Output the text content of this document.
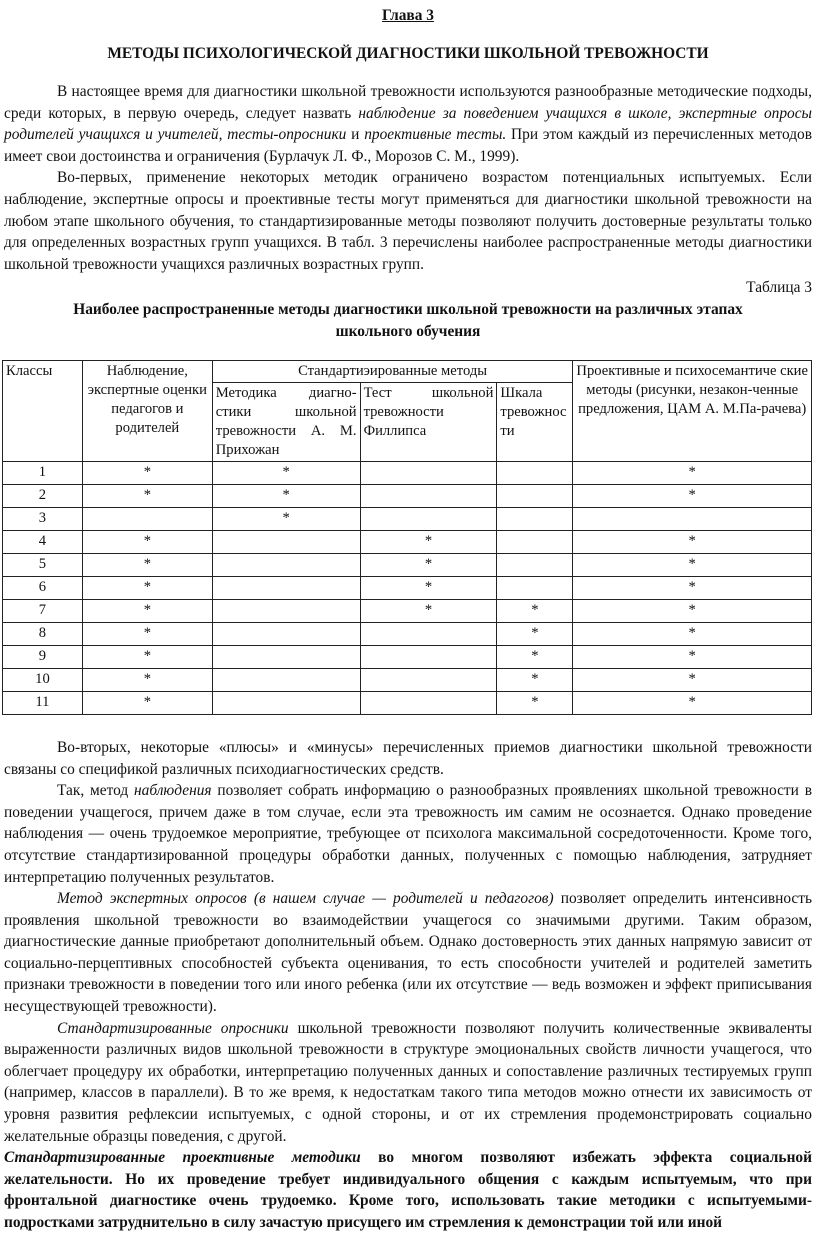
Глава 3
МЕТОДЫ ПСИХОЛОГИЧЕСКОЙ ДИАГНОСТИКИ ШКОЛЬНОЙ ТРЕВОЖНОСТИ

В настоящее время для диагностики школьной тревожности используются разнообразные методические подходы, среди которых, в первую очередь, следует назвать наблюдение за поведением учащихся в школе, экспертные опросы родителей учащихся и учителей, тесты-опросники и проективные тесты. При этом каждый из перечисленных методов имеет свои достоинства и ограничения (Бурлачук Л. Ф., Морозов С. М., 1999).

Во-первых, применение некоторых методик ограничено возрастом потенциальных испытуемых. Если наблюдение, экспертные опросы и проективные тесты могут применяться для диагностики школьной тревожности на любом этапе школьного обучения, то стандартизированные методы позволяют получить достоверные результаты только для определенных возрастных групп учащихся. В табл. 3 перечислены наиболее распространенные методы диагностики школьной тревожности учащихся различных возрастных групп.

Таблица 3
Наиболее распространенные методы диагностики школьной тревожности на различных этапах школьного обучения
Классы	Наблюдение, экспертные оценки педагогов и родителей	Стандартиэированные методы			Проективные и психосемантиче ские методы (рисунки, незакон-ченные предложения, ЦАМ А. М.Па-рачева)
		Методика диагно-стики школьной тревожности А. М. Прихожан	Тест школьной тревожности Филлипса	Шкала тревожнос ти	
1	*	*			*
2	*	*			*
3		*			
4	*		*		*
5	*		*		*
6	*		*		*
7	*		*	*	*
8	*			*	*
9	*			*	*
10	*			*	*
11	*			*	*

Во-вторых, некоторые «плюсы» и «минусы» перечисленных приемов диагностики школьной тревожности связаны со спецификой различных психодиагностических средств.

Так, метод наблюдения позволяет собрать информацию о разнообразных проявлениях школьной тревожности в поведении учащегося, причем даже в том случае, если эта тревожность им самим не осознается. Однако проведение наблюдения — очень трудоемкое мероприятие, требующее от психолога максимальной сосредоточенности. Кроме того, отсутствие стандартизированной процедуры обработки данных, полученных с помощью наблюдения, затрудняет интерпретацию полученных результатов.

Метод экспертных опросов (в нашем случае — родителей и педагогов) позволяет определить интенсивность проявления школьной тревожности во взаимодействии учащегося со значимыми другими. Таким образом, диагностические данные приобретают дополнительный объем. Однако достоверность этих данных напрямую зависит от социально-перцептивных способностей субъекта оценивания, то есть способности учителей и родителей заметить признаки тревожности в поведении того или иного ребенка (или их отсутствие — ведь возможен и эффект приписывания несуществующей тревожности).

Стандартизированные опросники школьной тревожности позволяют получить количественные эквиваленты выраженности различных видов школьной тревожности в структуре эмоциональных свойств личности учащегося, что облегчает процедуру их обработки, интерпретацию полученных данных и сопоставление различных тестируемых групп (например, классов в параллели). В то же время, к недостаткам такого типа методов можно отнести их зависимость от уровня развития рефлексии испытуемых, с одной стороны, и от их стремления продемонстрировать социально желательные образцы поведения, с другой.

Стандартизированные проективные методики во многом позволяют избежать эффекта социальной желательности. Но их проведение требует индивидуального общения с каждым испытуемым, что при фронтальной диагностике очень трудоемко. Кроме того, использовать такие методики с испытуемыми-подростками затруднительно в силу зачастую присущего им стремления к демонстрации той или иной
